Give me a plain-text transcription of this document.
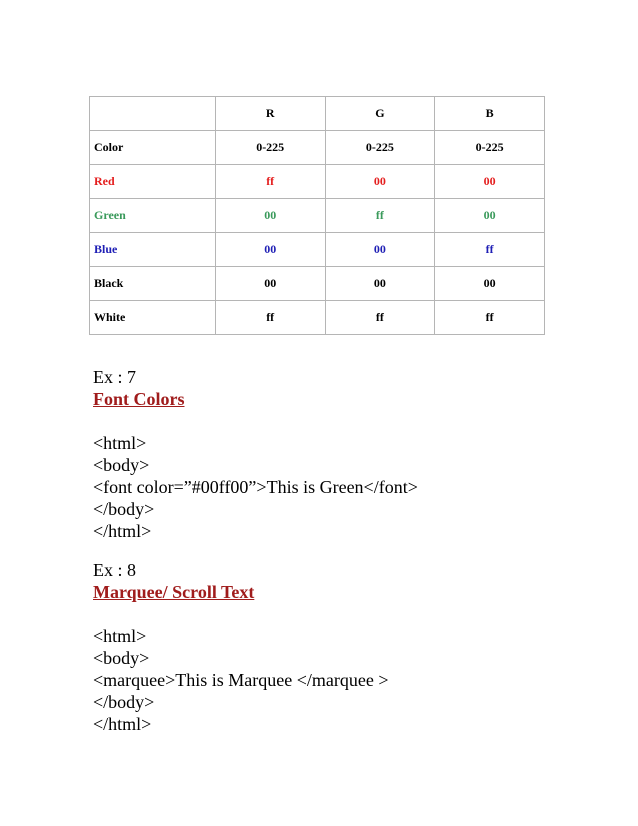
	R	G	B
Color	0-225	0-225	0-225
Red	ff	00	00
Green	00	ff	00
Blue	00	00	ff
Black	00	00	00
White	ff	ff	ff
Ex : 7
Font Colors
<html>
<body>
<font color=”#00ff00”>This is Green</font>
</body>
</html>
Ex : 8
Marquee/ Scroll Text
<html>
<body>
<marquee>This is Marquee </marquee >
</body>
</html>
